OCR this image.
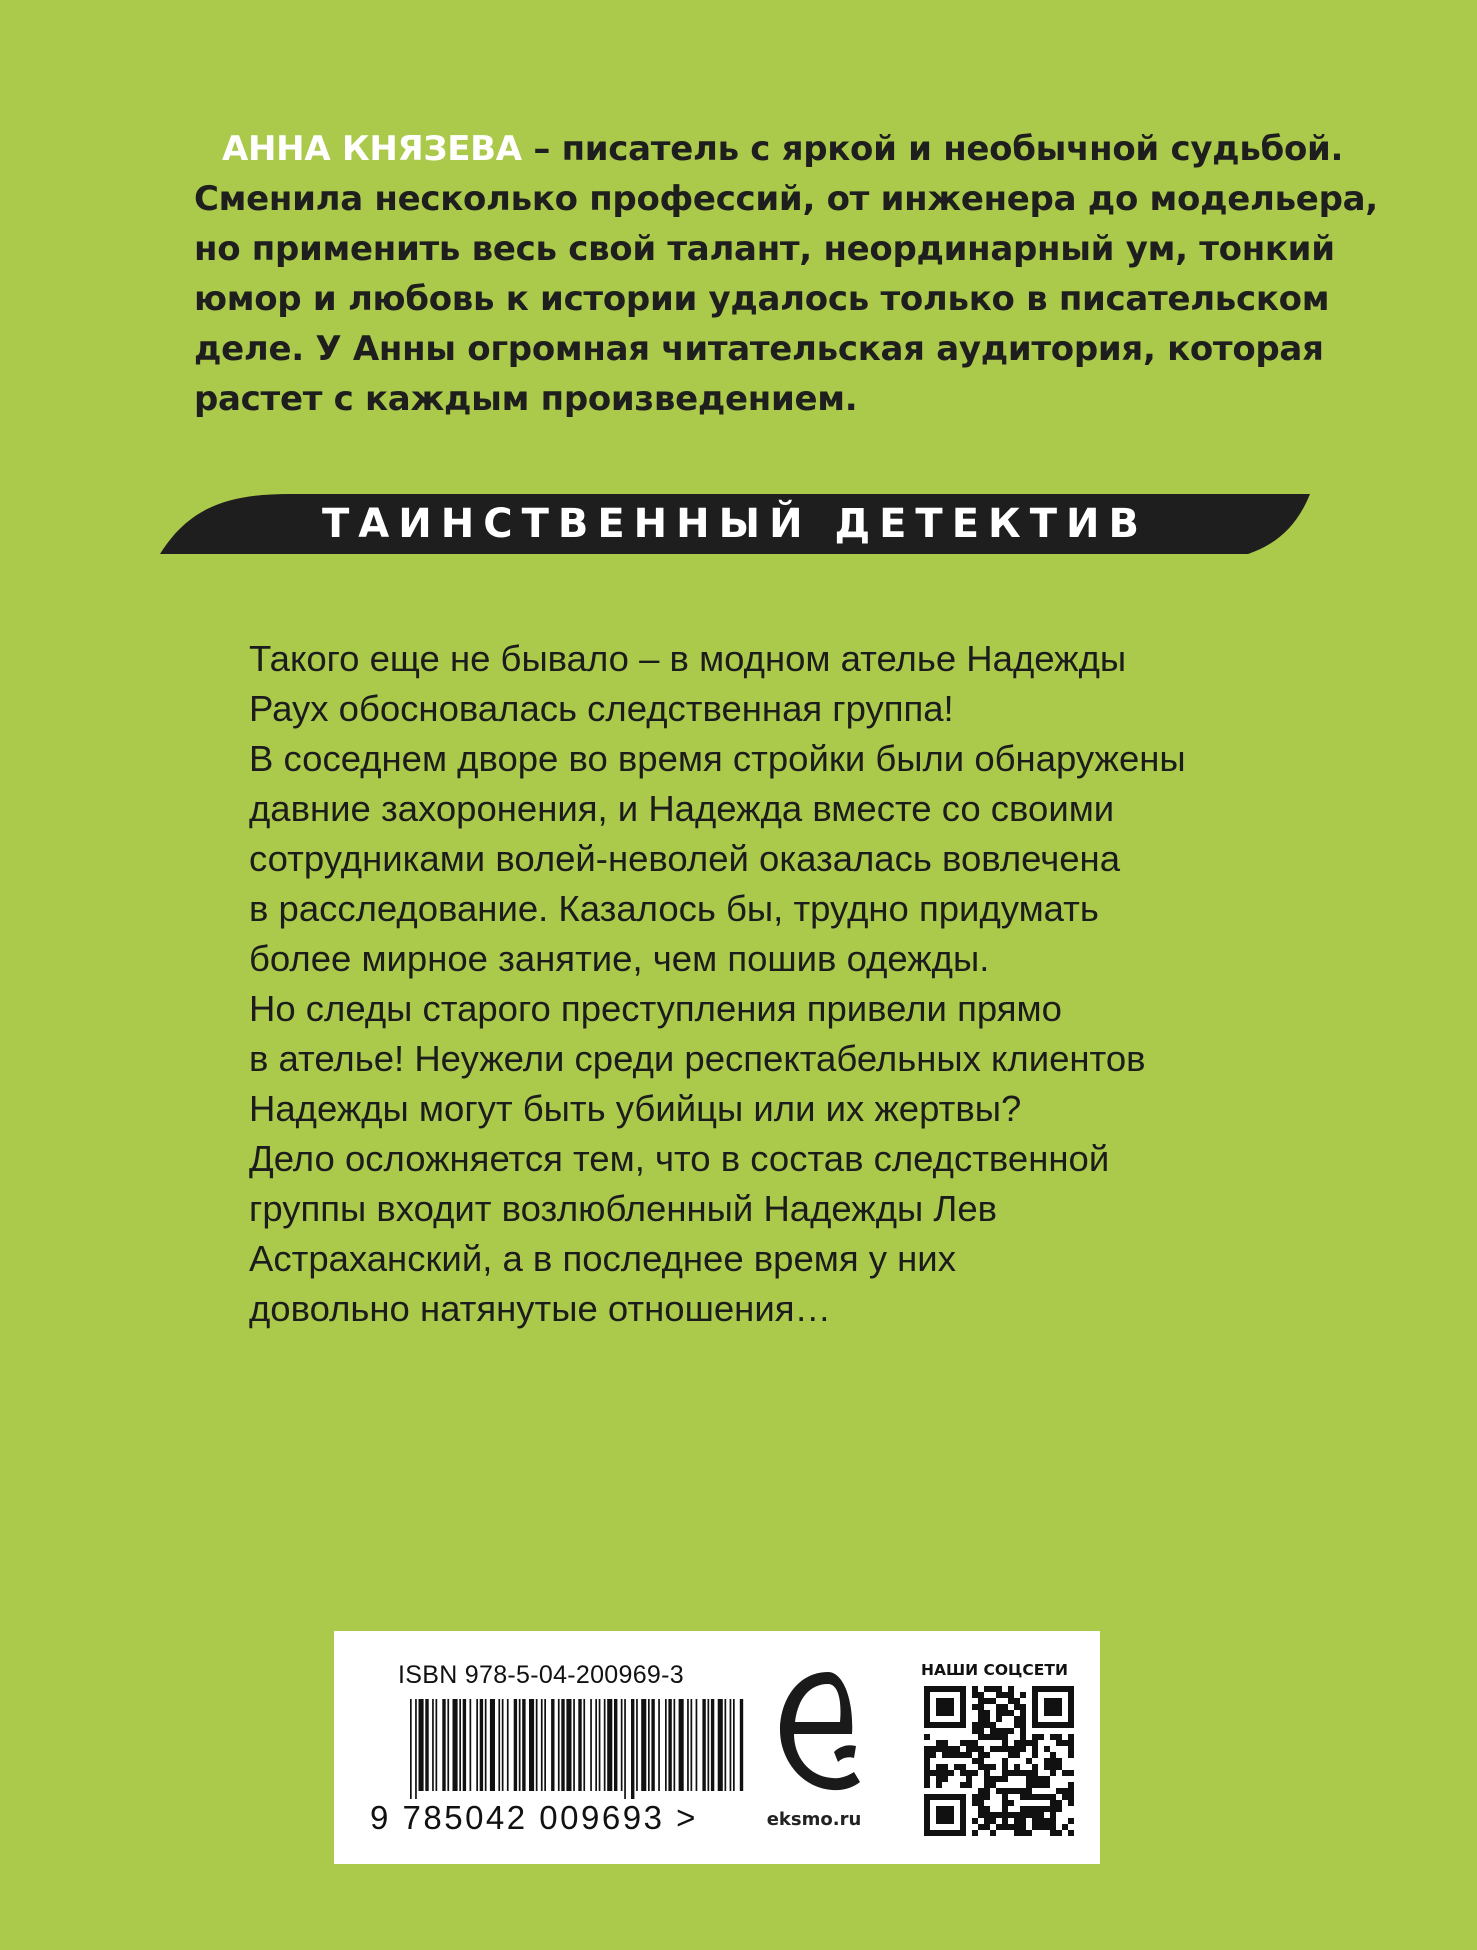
АННА КНЯЗЕВА – писатель с яркой и необычной судьбой.
Сменила несколько профессий, от инженера до модельера,
но применить весь свой талант, неординарный ум, тонкий
юмор и любовь к истории удалось только в писательском
деле. У Анны огромная читательская аудитория, которая
растет с каждым произведением.
ТАИНСТВЕННЫЙ ДЕТЕКТИВ
Такого еще не бывало – в модном ателье Надежды
Раух обосновалась следственная группа!
В соседнем дворе во время стройки были обнаружены
давние захоронения, и Надежда вместе со своими
сотрудниками волей-неволей оказалась вовлечена
в расследование. Казалось бы, трудно придумать
более мирное занятие, чем пошив одежды.
Но следы старого преступления привели прямо
в ателье! Неужели среди респектабельных клиентов
Надежды могут быть убийцы или их жертвы?
Дело осложняется тем, что в состав следственной
группы входит возлюбленный Надежды Лев
Астраханский, а в последнее время у них
довольно натянутые отношения…
ISBN 978-5-04-200969-3
9 785042 009693 >	eksmo.ru
НАШИ СОЦСЕТИ
